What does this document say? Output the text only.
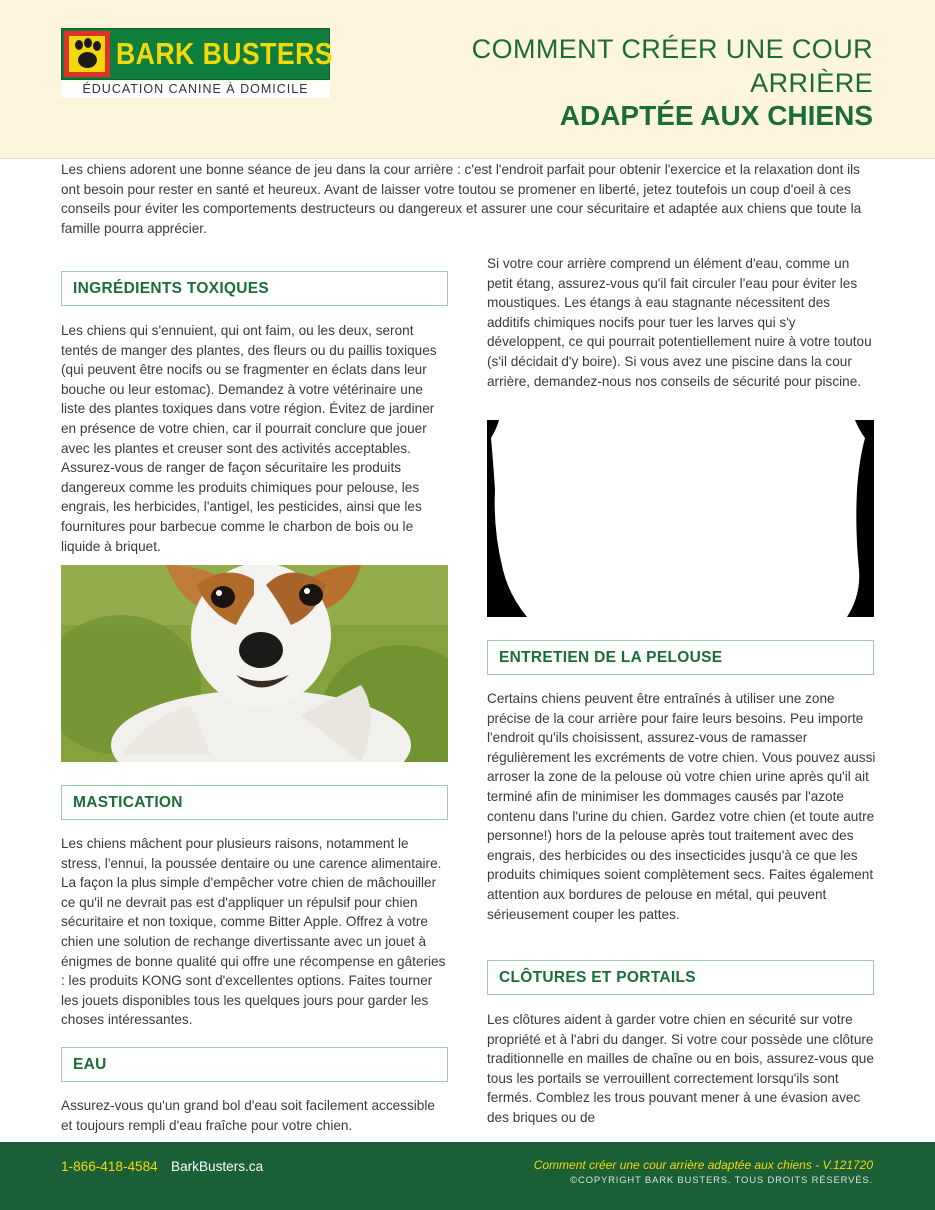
BARK BUSTERS
ÉDUCATION CANINE À DOMICILE
COMMENT CRÉER UNE COUR ARRIÈRE
ADAPTÉE AUX CHIENS
Les chiens adorent une bonne séance de jeu dans la cour arrière : c'est l'endroit parfait pour obtenir l'exercice et la relaxation dont ils ont besoin pour rester en santé et heureux. Avant de laisser votre toutou se promener en liberté, jetez toutefois un coup d'oeil à ces conseils pour éviter les comportements destructeurs ou dangereux et assurer une cour sécuritaire et adaptée aux chiens que toute la famille pourra apprécier.
INGRÉDIENTS TOXIQUES
Les chiens qui s'ennuient, qui ont faim, ou les deux, seront tentés de manger des plantes, des fleurs ou du paillis toxiques (qui peuvent être nocifs ou se fragmenter en éclats dans leur bouche ou leur estomac). Demandez à votre vétérinaire une liste des plantes toxiques dans votre région. Évitez de jardiner en présence de votre chien, car il pourrait conclure que jouer avec les plantes et creuser sont des activités acceptables. Assurez-vous de ranger de façon sécuritaire les produits dangereux comme les produits chimiques pour pelouse, les engrais, les herbicides, l'antigel, les pesticides, ainsi que les fournitures pour barbecue comme le charbon de bois ou le liquide à briquet.
MASTICATION
Les chiens mâchent pour plusieurs raisons, notamment le stress, l'ennui, la poussée dentaire ou une carence alimentaire. La façon la plus simple d'empêcher votre chien de mâchouiller ce qu'il ne devrait pas est d'appliquer un répulsif pour chien sécuritaire et non toxique, comme Bitter Apple. Offrez à votre chien une solution de rechange divertissante avec un jouet à énigmes de bonne qualité qui offre une récompense en gâteries : les produits KONG sont d'excellentes options. Faites tourner les jouets disponibles tous les quelques jours pour garder les choses intéressantes.
EAU
Assurez-vous qu'un grand bol d'eau soit facilement accessible et toujours rempli d'eau fraîche pour votre chien.
Si votre cour arrière comprend un élément d'eau, comme un petit étang, assurez-vous qu'il fait circuler l'eau pour éviter les moustiques. Les étangs à eau stagnante nécessitent des additifs chimiques nocifs pour tuer les larves qui s'y développent, ce qui pourrait potentiellement nuire à votre toutou (s'il décidait d'y boire). Si vous avez une piscine dans la cour arrière, demandez-nous nos conseils de sécurité pour piscine.
ENTRETIEN DE LA PELOUSE
Certains chiens peuvent être entraînés à utiliser une zone précise de la cour arrière pour faire leurs besoins. Peu importe l'endroit qu'ils choisissent, assurez-vous de ramasser régulièrement les excréments de votre chien. Vous pouvez aussi arroser la zone de la pelouse où votre chien urine après qu'il ait terminé afin de minimiser les dommages causés par l'azote contenu dans l'urine du chien. Gardez votre chien (et toute autre personne!) hors de la pelouse après tout traitement avec des engrais, des herbicides ou des insecticides jusqu'à ce que les produits chimiques soient complètement secs. Faites également attention aux bordures de pelouse en métal, qui peuvent sérieusement couper les pattes.
CLÔTURES ET PORTAILS
Les clôtures aident à garder votre chien en sécurité sur votre propriété et à l'abri du danger. Si votre cour possède une clôture traditionnelle en mailles de chaîne ou en bois, assurez-vous que tous les portails se verrouillent correctement lorsqu'ils sont fermés. Comblez les trous pouvant mener à une évasion avec des briques ou de
1-866-418-4584 BarkBusters.ca	Comment créer une cour arrière adaptée aux chiens - V.121720
©COPYRIGHT BARK BUSTERS. TOUS DROITS RÉSERVÉS.
